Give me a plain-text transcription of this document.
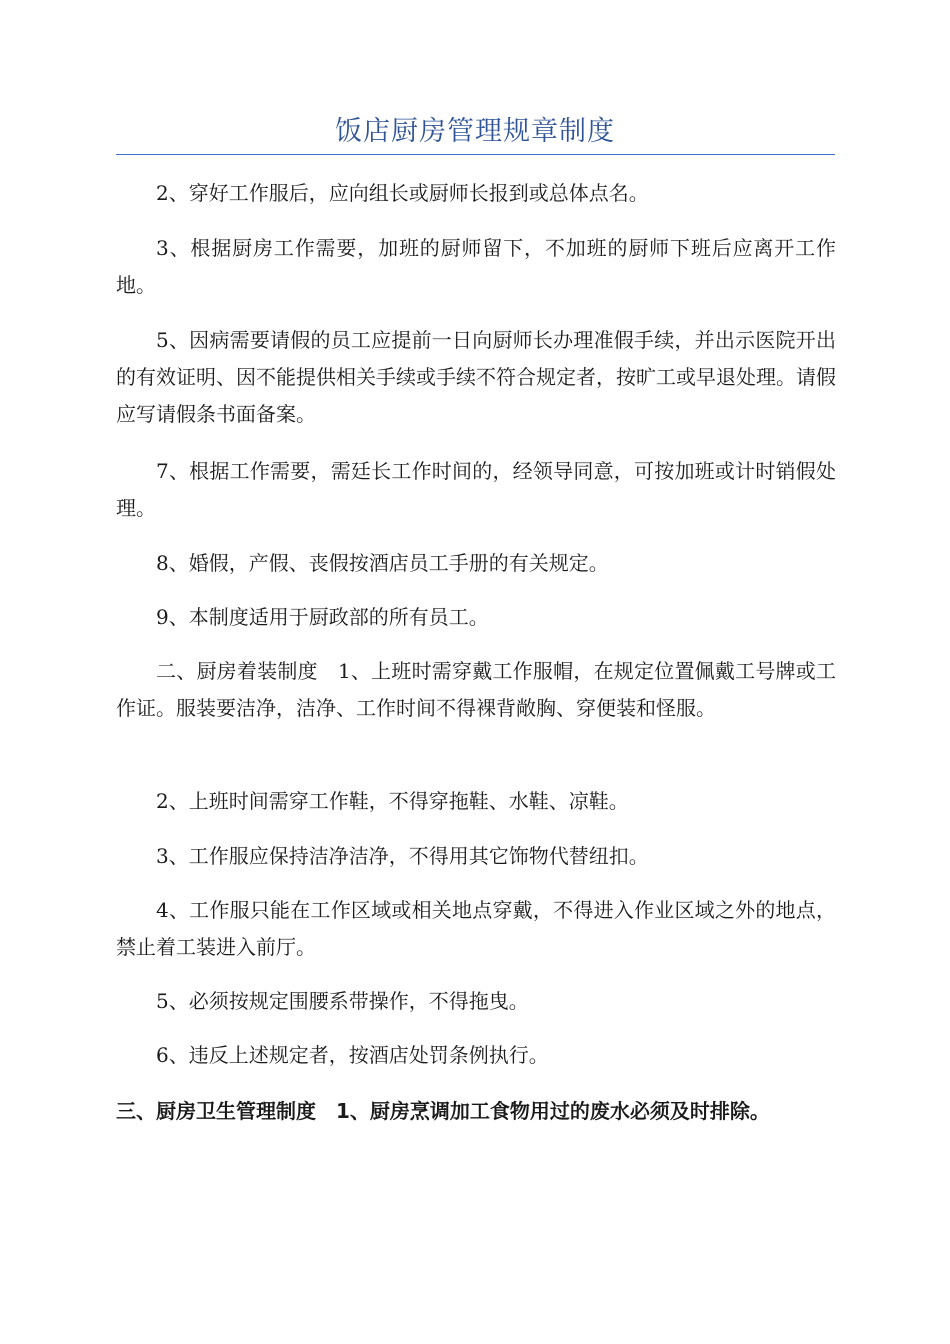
饭店厨房管理规章制度

2、穿好工作服后，应向组长或厨师长报到或总体点名。

3、根据厨房工作需要，加班的厨师留下，不加班的厨师下班后应离开工作地。

5、因病需要请假的员工应提前一日向厨师长办理准假手续，并出示医院开出的有效证明、因不能提供相关手续或手续不符合规定者，按旷工或早退处理。请假应写请假条书面备案。

7、根据工作需要，需廷长工作时间的，经领导同意，可按加班或计时销假处理。

8、婚假，产假、丧假按酒店员工手册的有关规定。

9、本制度适用于厨政部的所有员工。

二、厨房着装制度　1、上班时需穿戴工作服帽，在规定位置佩戴工号牌或工作证。服装要洁净，洁净、工作时间不得裸背敞胸、穿便装和怪服。

2、上班时间需穿工作鞋，不得穿拖鞋、水鞋、凉鞋。

3、工作服应保持洁净洁净，不得用其它饰物代替纽扣。

4、工作服只能在工作区域或相关地点穿戴，不得进入作业区域之外的地点，禁止着工装进入前厅。

5、必须按规定围腰系带操作，不得拖曳。

6、违反上述规定者，按酒店处罚条例执行。

三、厨房卫生管理制度　1、厨房烹调加工食物用过的废水必须及时排除。
